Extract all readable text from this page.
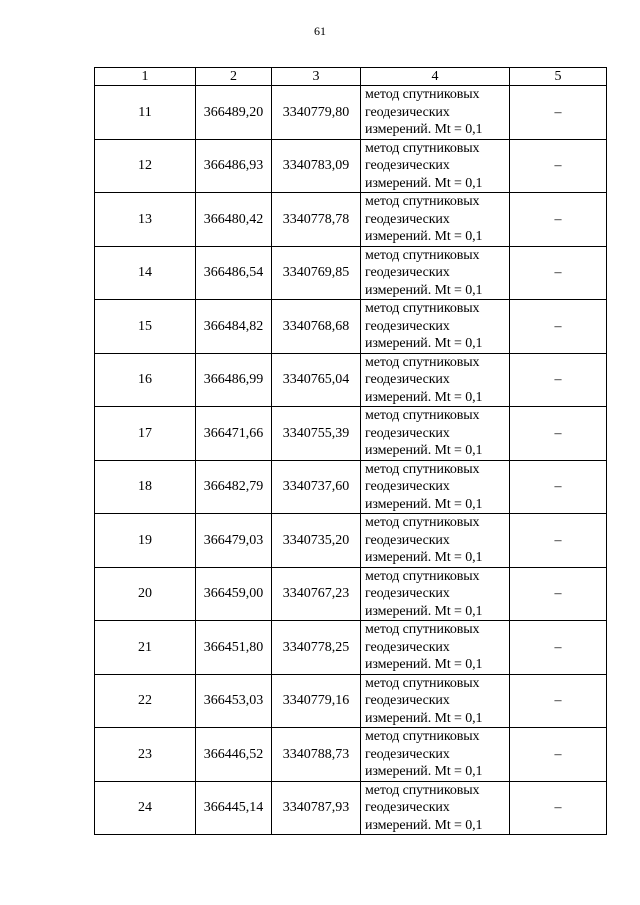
61
1	2	3	4	5
11	366489,20	3340779,80	метод спутниковых
геодезических
измерений. Mt = 0,1	–
12	366486,93	3340783,09	метод спутниковых
геодезических
измерений. Mt = 0,1	–
13	366480,42	3340778,78	метод спутниковых
геодезических
измерений. Mt = 0,1	–
14	366486,54	3340769,85	метод спутниковых
геодезических
измерений. Mt = 0,1	–
15	366484,82	3340768,68	метод спутниковых
геодезических
измерений. Mt = 0,1	–
16	366486,99	3340765,04	метод спутниковых
геодезических
измерений. Mt = 0,1	–
17	366471,66	3340755,39	метод спутниковых
геодезических
измерений. Mt = 0,1	–
18	366482,79	3340737,60	метод спутниковых
геодезических
измерений. Mt = 0,1	–
19	366479,03	3340735,20	метод спутниковых
геодезических
измерений. Mt = 0,1	–
20	366459,00	3340767,23	метод спутниковых
геодезических
измерений. Mt = 0,1	–
21	366451,80	3340778,25	метод спутниковых
геодезических
измерений. Mt = 0,1	–
22	366453,03	3340779,16	метод спутниковых
геодезических
измерений. Mt = 0,1	–
23	366446,52	3340788,73	метод спутниковых
геодезических
измерений. Mt = 0,1	–
24	366445,14	3340787,93	метод спутниковых
геодезических
измерений. Mt = 0,1	–
